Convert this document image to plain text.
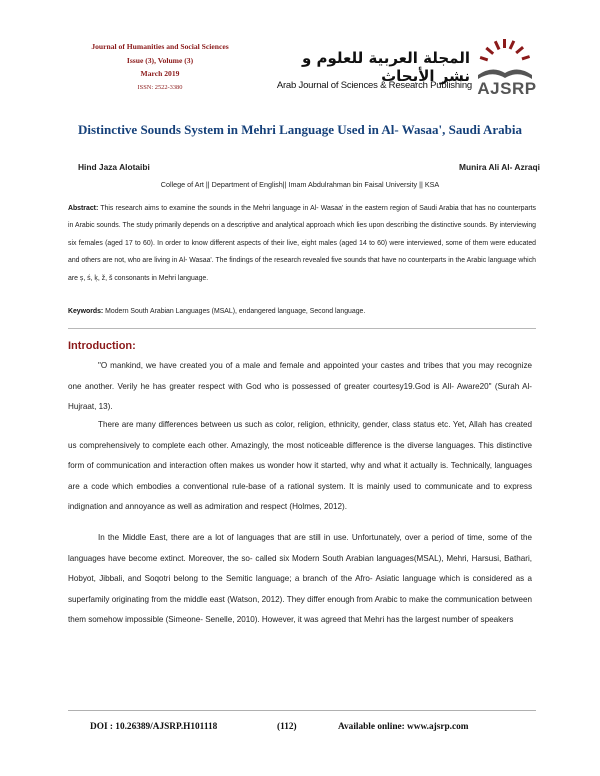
Journal of Humanities and Social Sciences
Issue (3), Volume (3)
March 2019
ISSN: 2522-3380
المجلة العربية للعلوم و نشر الأبحاث
Arab Journal of Sciences & Research Publishing AJSRP
Distinctive Sounds System in Mehri Language Used in Al- Wasaa', Saudi Arabia
Hind Jaza Alotaibi	Munira Ali Al- Azraqi
College of Art || Department of English|| Imam Abdulrahman bin Faisal University || KSA
Abstract: This research aims to examine the sounds in the Mehri language in Al- Wasaa' in the eastern region of Saudi Arabia that has no counterparts in Arabic sounds. The study primarily depends on a descriptive and analytical approach which lies upon describing the distinctive sounds. By interviewing six females (aged 17 to 60). In order to know different aspects of their live, eight males (aged 14 to 60) were interviewed, some of them were educated and others are not, who are living in Al- Wasaa'. The findings of the research revealed five sounds that have no counterparts in the Arabic language which are ș, ś, ķ, ž, š consonants in Mehri language.
Keywords: Modern South Arabian Languages (MSAL), endangered language, Second language.
Introduction:
"O mankind, we have created you of a male and female and appointed your castes and tribes that you may recognize one another. Verily he has greater respect with God who is possessed of greater courtesy19.God is All- Aware20" (Surah Al- Hujraat, 13).
There are many differences between us such as color, religion, ethnicity, gender, class status etc. Yet, Allah has created us comprehensively to complete each other. Amazingly, the most noticeable difference is the diverse languages. This distinctive form of communication and interaction often makes us wonder how it started, why and what it actually is. Technically, languages are a code which embodies a conventional rule-base of a rational system. It is mainly used to communicate and to express indignation and annoyance as well as admiration and respect (Holmes, 2012).
In the Middle East, there are a lot of languages that are still in use. Unfortunately, over a period of time, some of the languages have become extinct. Moreover, the so- called six Modern South Arabian languages(MSAL), Mehri, Harsusi, Bathari, Hobyot, Jibbali, and Soqotri belong to the Semitic language; a branch of the Afro- Asiatic language which is considered as a superfamily originating from the middle east (Watson, 2012). They differ enough from Arabic to make the communication between them somehow impossible (Simeone- Senelle, 2010). However, it was agreed that Mehri has the largest number of speakers
DOI : 10.26389/AJSRP.H101118	(112)	Available online: www.ajsrp.com
